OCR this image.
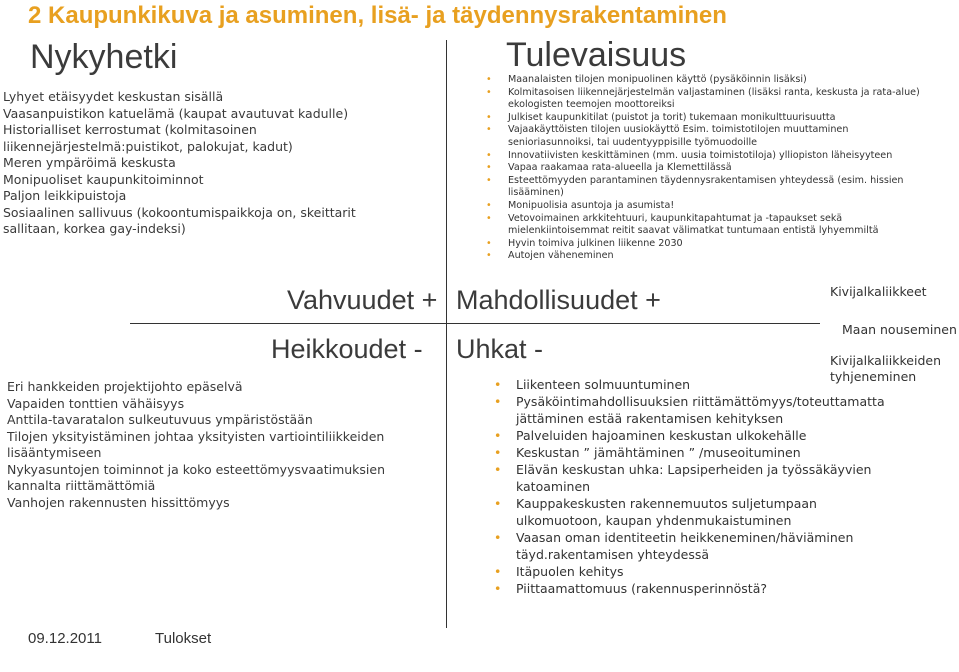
2 Kaupunkikuva ja asuminen, lisä- ja täydennysrakentaminen
Nykyhetki	Tulevaisuus
Vahvuudet + Mahdollisuudet +
Heikkoudet - Uhkat -
Lyhyet etäisyydet keskustan sisällä
Vaasanpuistikon katuelämä (kaupat avautuvat kadulle)
Historialliset kerrostumat (kolmitasoinen
liikennejärjestelmä:puistikot, palokujat, kadut)
Meren ympäröimä keskusta
Monipuoliset kaupunkitoiminnot
Paljon leikkipuistoja
Sosiaalinen sallivuus (kokoontumispaikkoja on, skeittarit
sallitaan, korkea gay-indeksi)
• Maanalaisten tilojen monipuolinen käyttö (pysäköinnin lisäksi)
• Kolmitasoisen liikennejärjestelmän valjastaminen (lisäksi ranta, keskusta ja rata-alue) ekologisten teemojen moottoreiksi
• Julkiset kaupunkitilat (puistot ja torit) tukemaan monikulttuurisuutta
• Vajaakäyttöisten tilojen uusiokäyttö Esim. toimistotilojen muuttaminen senioriasunnoiksi, tai uudentyyppisille työmuodoille
• Innovatiivisten keskittäminen (mm. uusia toimistotiloja) ylliopiston läheisyyteen
• Vapaa raakamaa rata-alueella ja Klemettilässä
• Esteettömyyden parantaminen täydennysrakentamisen yhteydessä (esim. hissien lisääminen)
• Monipuolisia asuntoja ja asumista!
• Vetovoimainen arkkitehtuuri, kaupunkitapahtumat ja -tapaukset sekä mielenkiintoisemmat reitit saavat välimatkat tuntumaan entistä lyhyemmiltä
• Hyvin toimiva julkinen liikenne 2030
• Autojen väheneminen
Kivijalkaliikkeet
Maan nouseminen
Kivijalkaliikkeiden
tyhjeneminen
Eri hankkeiden projektijohto epäselvä
Vapaiden tonttien vähäisyys
Anttila-tavaratalon sulkeutuvuus ympäristöstään
Tilojen yksityistäminen johtaa yksityisten vartiointiliikkeiden
lisääntymiseen
Nykyasuntojen toiminnot ja koko esteettömyysvaatimuksien
kannalta riittämättömiä
Vanhojen rakennusten hissittömyys
• Liikenteen solmuuntuminen
• Pysäköintimahdollisuuksien riittämättömyys/toteuttamatta jättäminen estää rakentamisen kehityksen
• Palveluiden hajoaminen keskustan ulkokehälle
• Keskustan ” jämähtäminen ” /museoituminen
• Elävän keskustan uhka: Lapsiperheiden ja työssäkäyvien katoaminen
• Kauppakeskusten rakennemuutos suljetumpaan ulkomuotoon, kaupan yhdenmukaistuminen
• Vaasan oman identiteetin heikkeneminen/häviäminen täyd.rakentamisen yhteydessä
• Itäpuolen kehitys
• Piittaamattomuus (rakennusperinnöstä?
09.12.2011	Tulokset
